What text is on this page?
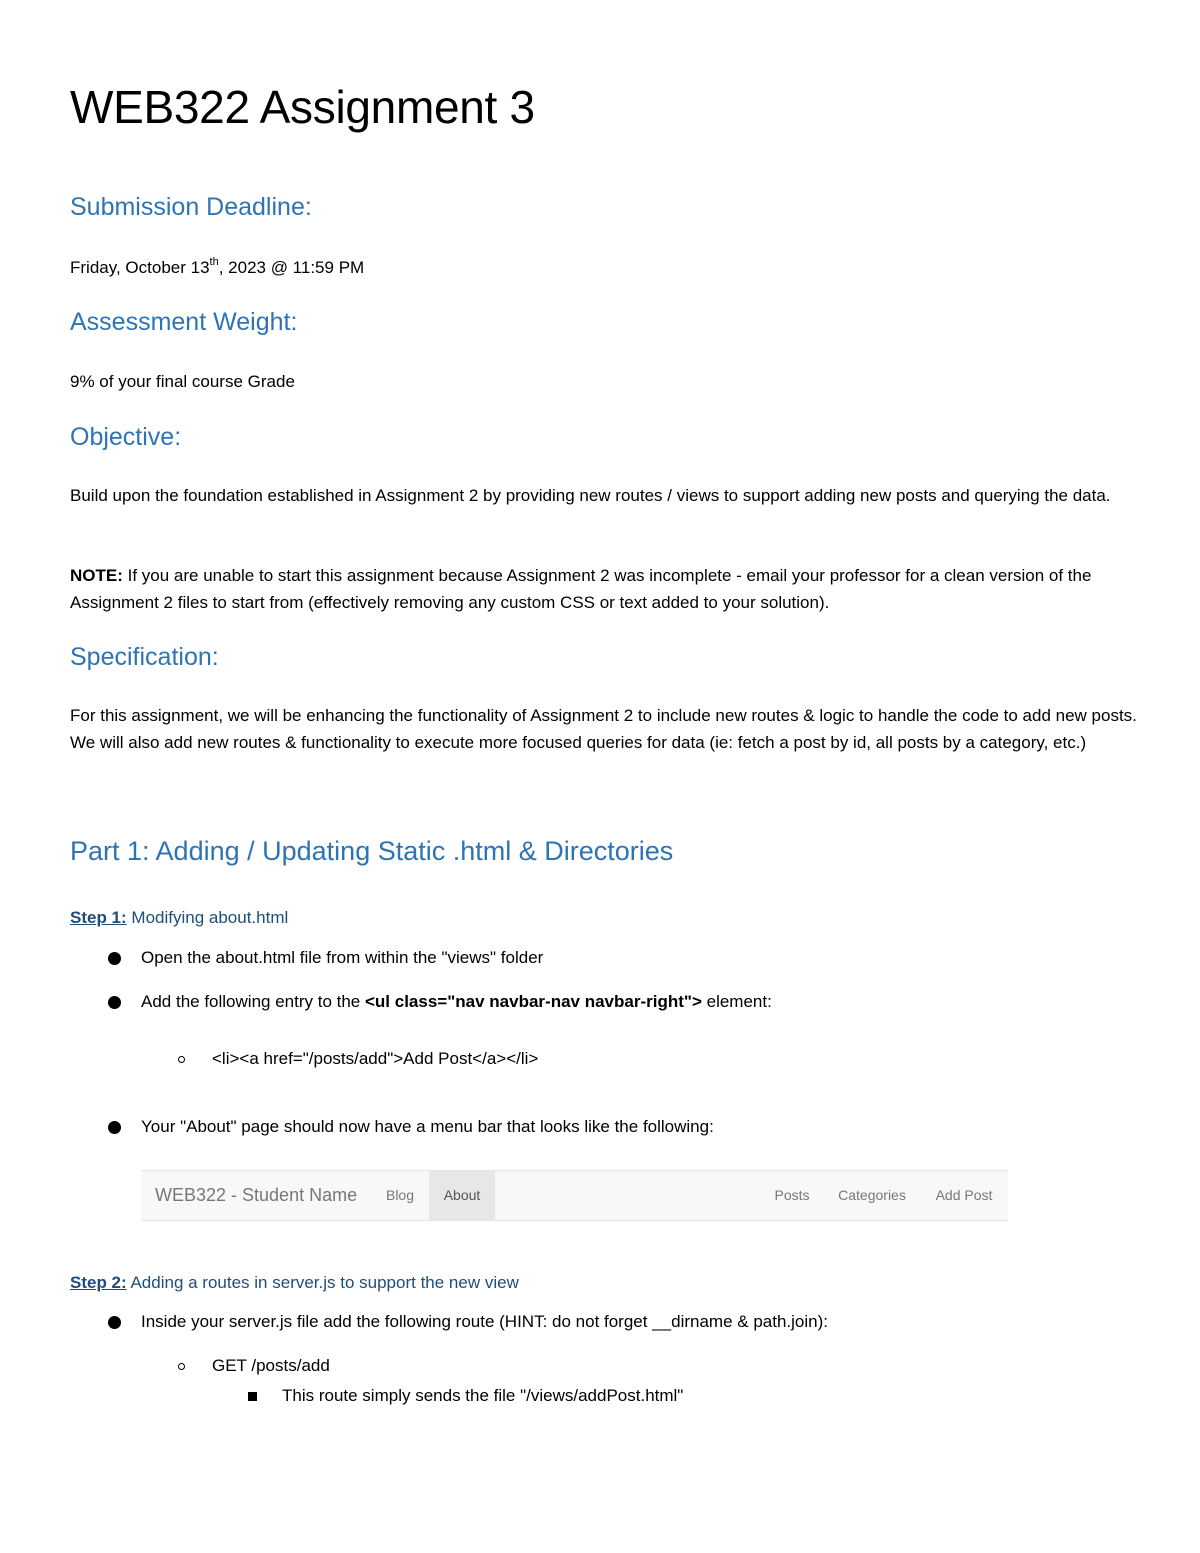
WEB322 Assignment 3
Submission Deadline:

Friday, October 13th, 2023 @ 11:59 PM

Assessment Weight:

9% of your final course Grade

Objective:

Build upon the foundation established in Assignment 2 by providing new routes / views to support adding new posts and querying the data.

NOTE: If you are unable to start this assignment because Assignment 2 was incomplete - email your professor for a clean version of the Assignment 2 files to start from (effectively removing any custom CSS or text added to your solution).

Specification:

For this assignment, we will be enhancing the functionality of Assignment 2 to include new routes & logic to handle the code to add new posts. We will also add new routes & functionality to execute more focused queries for data (ie: fetch a post by id, all posts by a category, etc.)

Part 1: Adding / Updating Static .html & Directories

Step 1: Modifying about.html

Open the about.html file from within the "views" folder
Add the following entry to the <ul class="nav navbar-nav navbar-right"> element:
<li><a href="/posts/add">Add Post</a></li>
Your "About" page should now have a menu bar that looks like the following:
WEB322 - Student Name	Blog	About	Posts	Categories	Add Post

Step 2: Adding a routes in server.js to support the new view

Inside your server.js file add the following route (HINT: do not forget __dirname & path.join):
GET /posts/add
This route simply sends the file "/views/addPost.html"
